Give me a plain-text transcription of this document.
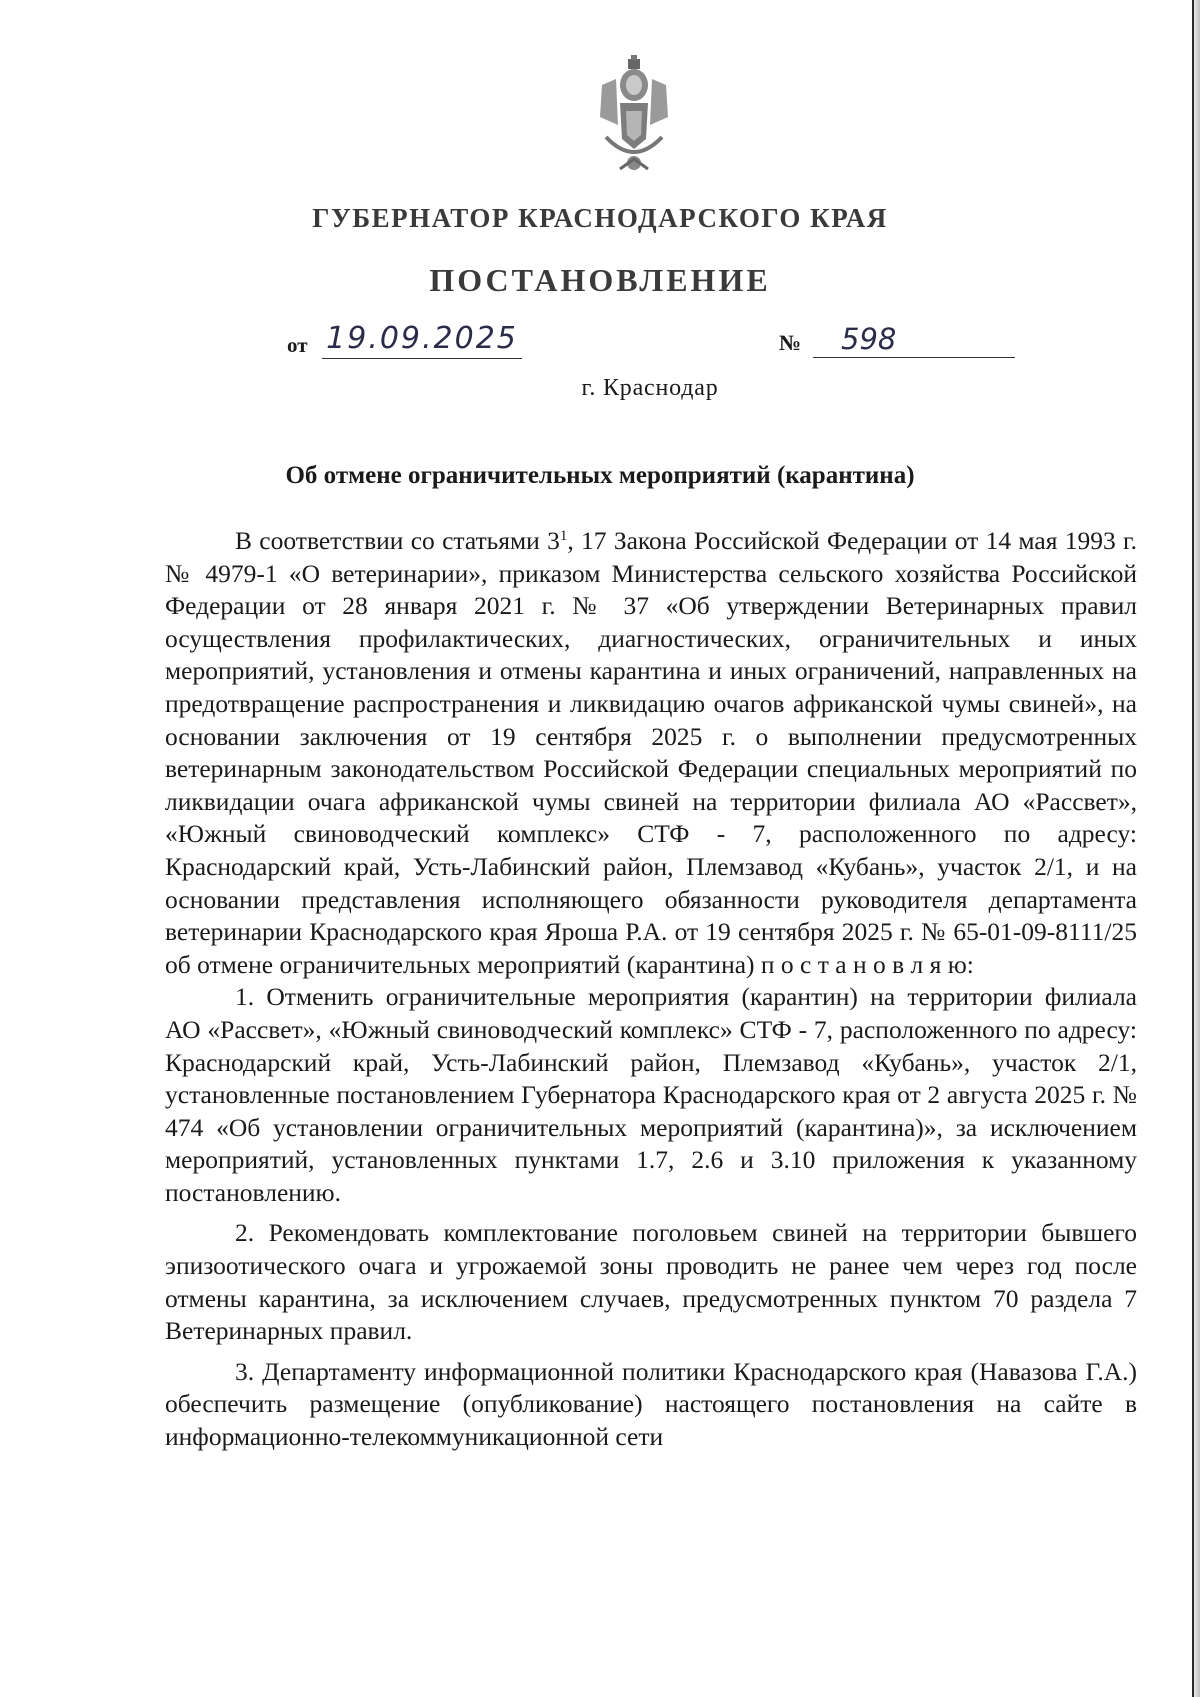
ГУБЕРНАТОР КРАСНОДАРСКОГО КРАЯ
ПОСТАНОВЛЕНИЕ
от 19.09.2025	№	598
г. Краснодар
Об отмене ограничительных мероприятий (карантина)

В соответствии со статьями $3^1$, 17 Закона Российской Федерации от 14 мая 1993 г. № 4979-1 «О ветеринарии», приказом Министерства сельского хозяйства Российской Федерации от 28 января 2021 г. № 37 «Об утверждении Ветеринарных правил осуществления профилактических, диагностических, ограничительных и иных мероприятий, установления и отмены карантина и иных ограничений, направленных на предотвращение распространения и ликвидацию очагов африканской чумы свиней», на основании заключения от 19 сентября 2025 г. о выполнении предусмотренных ветеринарным законодательством Российской Федерации специальных мероприятий по ликвидации очага африканской чумы свиней на территории филиала АО «Рассвет», «Южный свиноводческий комплекс» СТФ - 7, расположенного по адресу: Краснодарский край, Усть-Лабинский район, Племзавод «Кубань», участок 2/1, и на основании представления исполняющего обязанности руководителя департамента ветеринарии Краснодарского края Яроша Р.А. от 19 сентября 2025 г. № 65-01-09-8111/25 об отмене ограничительных мероприятий (карантина) п о с т а н о в л я ю:

1. Отменить ограничительные мероприятия (карантин) на территории филиала АО «Рассвет», «Южный свиноводческий комплекс» СТФ - 7, расположенного по адресу: Краснодарский край, Усть-Лабинский район, Племзавод «Кубань», участок 2/1, установленные постановлением Губернатора Краснодарского края от 2 августа 2025 г. № 474 «Об установлении ограничительных мероприятий (карантина)», за исключением мероприятий, установленных пунктами 1.7, 2.6 и 3.10 приложения к указанному постановлению.

2. Рекомендовать комплектование поголовьем свиней на территории бывшего эпизоотического очага и угрожаемой зоны проводить не ранее чем через год после отмены карантина, за исключением случаев, предусмотренных пунктом 70 раздела 7 Ветеринарных правил.

3. Департаменту информационной политики Краснодарского края (Навазова Г.А.) обеспечить размещение (опубликование) настоящего постановления на сайте в информационно-телекоммуникационной сети
